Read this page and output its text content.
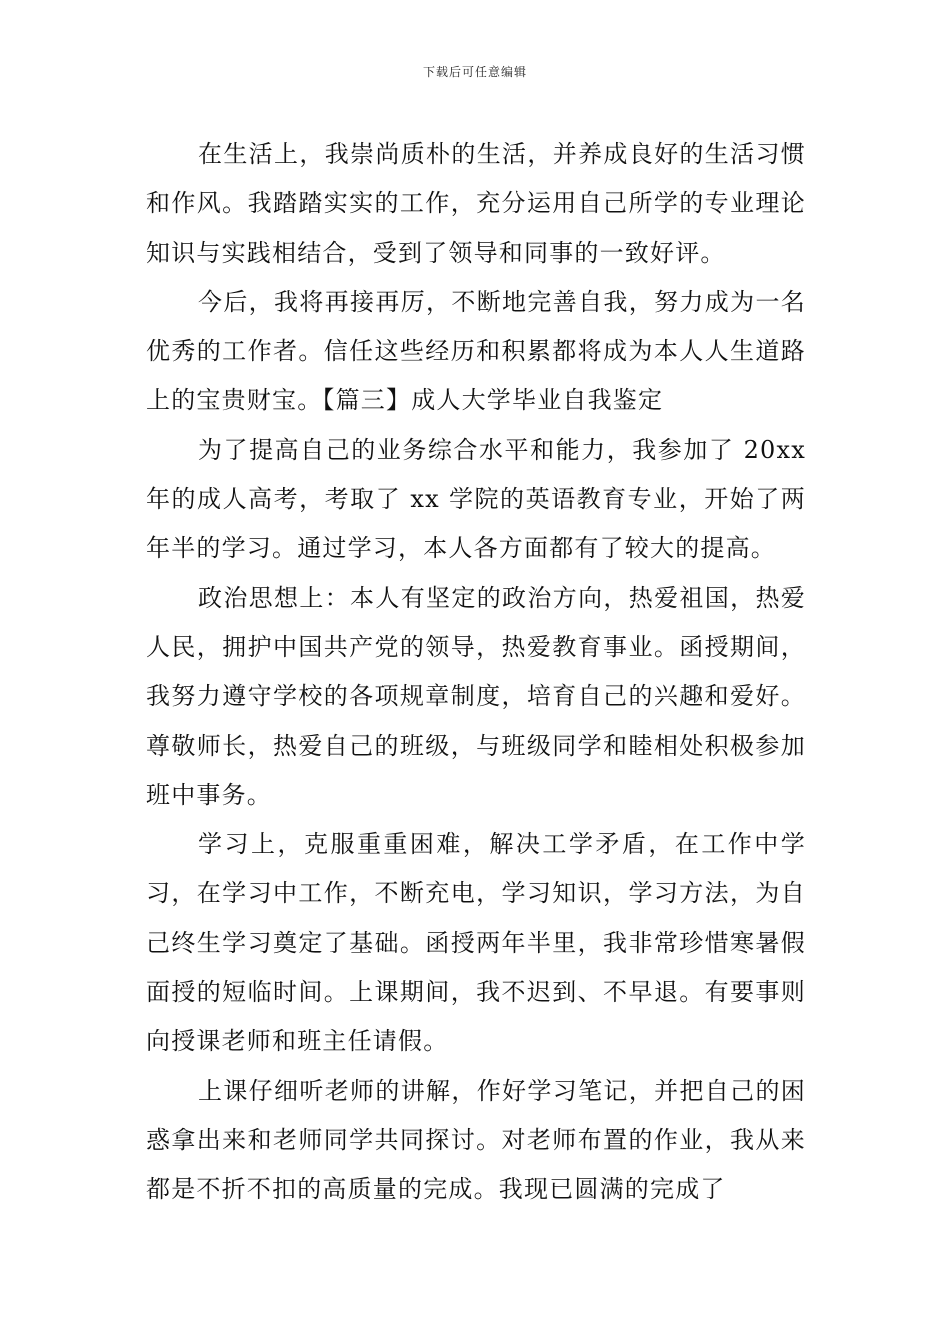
下载后可任意编辑

在生活上，我崇尚质朴的生活，并养成良好的生活习惯和作风。我踏踏实实的工作，充分运用自己所学的专业理论知识与实践相结合，受到了领导和同事的一致好评。

今后，我将再接再厉，不断地完善自我，努力成为一名优秀的工作者。信任这些经历和积累都将成为本人人生道路上的宝贵财宝。【篇三】成人大学毕业自我鉴定

为了提高自己的业务综合水平和能力，我参加了 20xx 年的成人高考，考取了 xx 学院的英语教育专业，开始了两年半的学习。通过学习，本人各方面都有了较大的提高。

政治思想上：本人有坚定的政治方向，热爱祖国，热爱人民，拥护中国共产党的领导，热爱教育事业。函授期间，我努力遵守学校的各项规章制度，培育自己的兴趣和爱好。尊敬师长，热爱自己的班级，与班级同学和睦相处积极参加班中事务。

学习上，克服重重困难，解决工学矛盾，在工作中学习，在学习中工作，不断充电，学习知识，学习方法，为自己终生学习奠定了基础。函授两年半里，我非常珍惜寒暑假面授的短临时间。上课期间，我不迟到、不早退。有要事则向授课老师和班主任请假。

上课仔细听老师的讲解，作好学习笔记，并把自己的困惑拿出来和老师同学共同探讨。对老师布置的作业，我从来都是不折不扣的高质量的完成。我现已圆满的完成了
